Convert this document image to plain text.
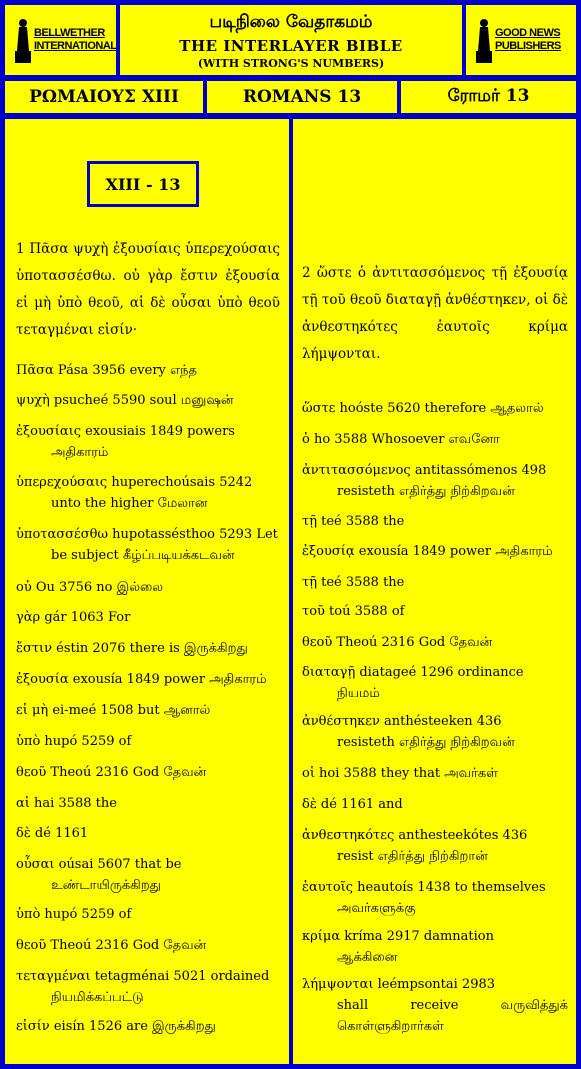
BELLWETHER
INTERNATIONAL
படிநிலை வேதாகமம்
THE INTERLAYER BIBLE
(WITH STRONG'S NUMBERS)
GOOD NEWS
PUBLISHERS
ΡΩΜΑΙΟΥΣ XIII	ROMANS 13	ரோமர் 13
XIII - 13
1 Πᾶσα ψυχὴ ἐξουσίαις ὑπερεχούσαις ὑποτασσέσθω. οὐ γὰρ ἔστιν ἐξουσία εἰ μὴ ὑπὸ θεοῦ, αἱ δὲ οὖσαι ὑπὸ θεοῦ τεταγμέναι εἰσίν·
2 ὥστε ὁ ἀντιτασσόμενος τῇ ἐξουσίᾳ τῇ τοῦ θεοῦ διαταγῇ ἀνθέστηκεν, οἱ δὲ ἀνθεστηκότες ἑαυτοῖς κρίμα λήμψονται.
Πᾶσα Pása 3956 every எந்த
ψυχὴ psucheé 5590 soul மனுஷன்
ἐξουσίαις exousiais 1849 powers
அதிகாரம்
ὑπερεχούσαις huperechoúsais 5242
unto the higher மேலான
ὑποτασσέσθω hupotassésthoo 5293 Let
be subject கீழ்ப்படியக்கடவன்
οὐ Ou 3756 no இல்லை
γὰρ gár 1063 For
ἔστιν éstin 2076 there is இருக்கிறது
ἐξουσία exousía 1849 power அதிகாரம்
εἰ μὴ ei-meé 1508 but ஆனால்
ὑπὸ hupó 5259 of
θεοῦ Theoú 2316 God தேவன்
αἱ hai 3588 the
δὲ dé 1161
οὖσαι oúsai 5607 that be
உண்டாயிருக்கிறது
ὑπὸ hupó 5259 of
θεοῦ Theoú 2316 God தேவன்
τεταγμέναι tetagménai 5021 ordained
நியமிக்கப்பட்டு
εἰσίν eisín 1526 are இருக்கிறது
ὥστε hoóste 5620 therefore ஆதலால்
ὁ ho 3588 Whosoever எவனோ
ἀντιτασσόμενος antitassómenos 498
resisteth எதிர்த்து நிற்கிறவன்
τῇ teé 3588 the
ἐξουσίᾳ exousía 1849 power அதிகாரம்
τῇ teé 3588 the
τοῦ toú 3588 of
θεοῦ Theoú 2316 God தேவன்
διαταγῇ diatageé 1296 ordinance
நியமம்
ἀνθέστηκεν anthésteeken 436
resisteth எதிர்த்து நிற்கிறவன்
οἱ hoi 3588 they that அவர்கள்
δὲ dé 1161 and
ἀνθεστηκότες anthesteekótes 436
resist எதிர்த்து நிற்கிறான்
ἑαυτοῖς heautoís 1438 to themselves
அவர்களுக்கு
κρίμα kríma 2917 damnation
ஆக்கினை
λήμψονται leémpsontai 2983
shall receive வருவித்துக் கொள்ளுகிறார்கள்
